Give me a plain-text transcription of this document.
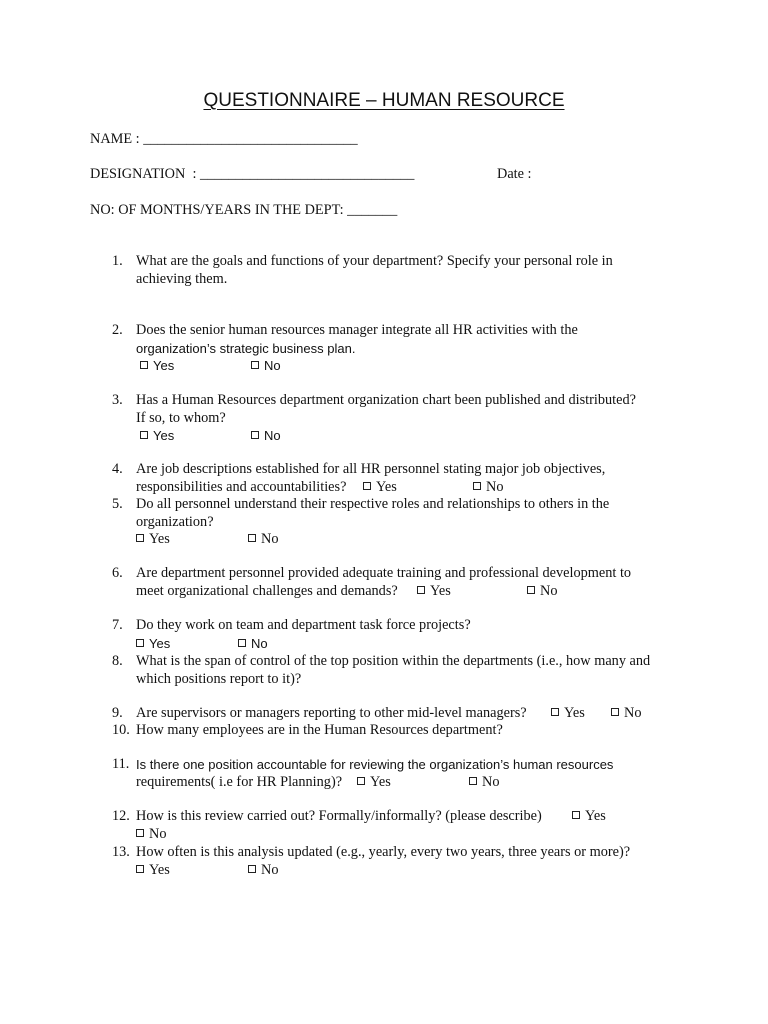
QUESTIONNAIRE – HUMAN RESOURCE
NAME : ______________________________
DESIGNATION  : ______________________________	Date :
NO: OF MONTHS/YEARS IN THE DEPT: _______
1. What are the goals and functions of your department? Specify your personal role in
achieving them.
2. Does the senior human resources manager integrate all HR activities with the
organization’s strategic business plan.
Yes	No
3. Has a Human Resources department organization chart been published and distributed?
If so, to whom?
Yes	No
4. Are job descriptions established for all HR personnel stating major job objectives,
responsibilities and accountabilities?	Yes	No
5. Do all personnel understand their respective roles and relationships to others in the
organization?
Yes	No
6. Are department personnel provided adequate training and professional development to
meet organizational challenges and demands?	Yes	No
7. Do they work on team and department task force projects?
Yes	No
8. What is the span of control of the top position within the departments (i.e., how many and
which positions report to it)?
9. Are supervisors or managers reporting to other mid-level managers?	Yes	No
10. How many employees are in the Human Resources department?
11. Is there one position accountable for reviewing the organization’s human resources
requirements( i.e for HR Planning)?	Yes	No
12. How is this review carried out? Formally/informally? (please describe)	Yes
No
13. How often is this analysis updated (e.g., yearly, every two years, three years or more)?
Yes	No
